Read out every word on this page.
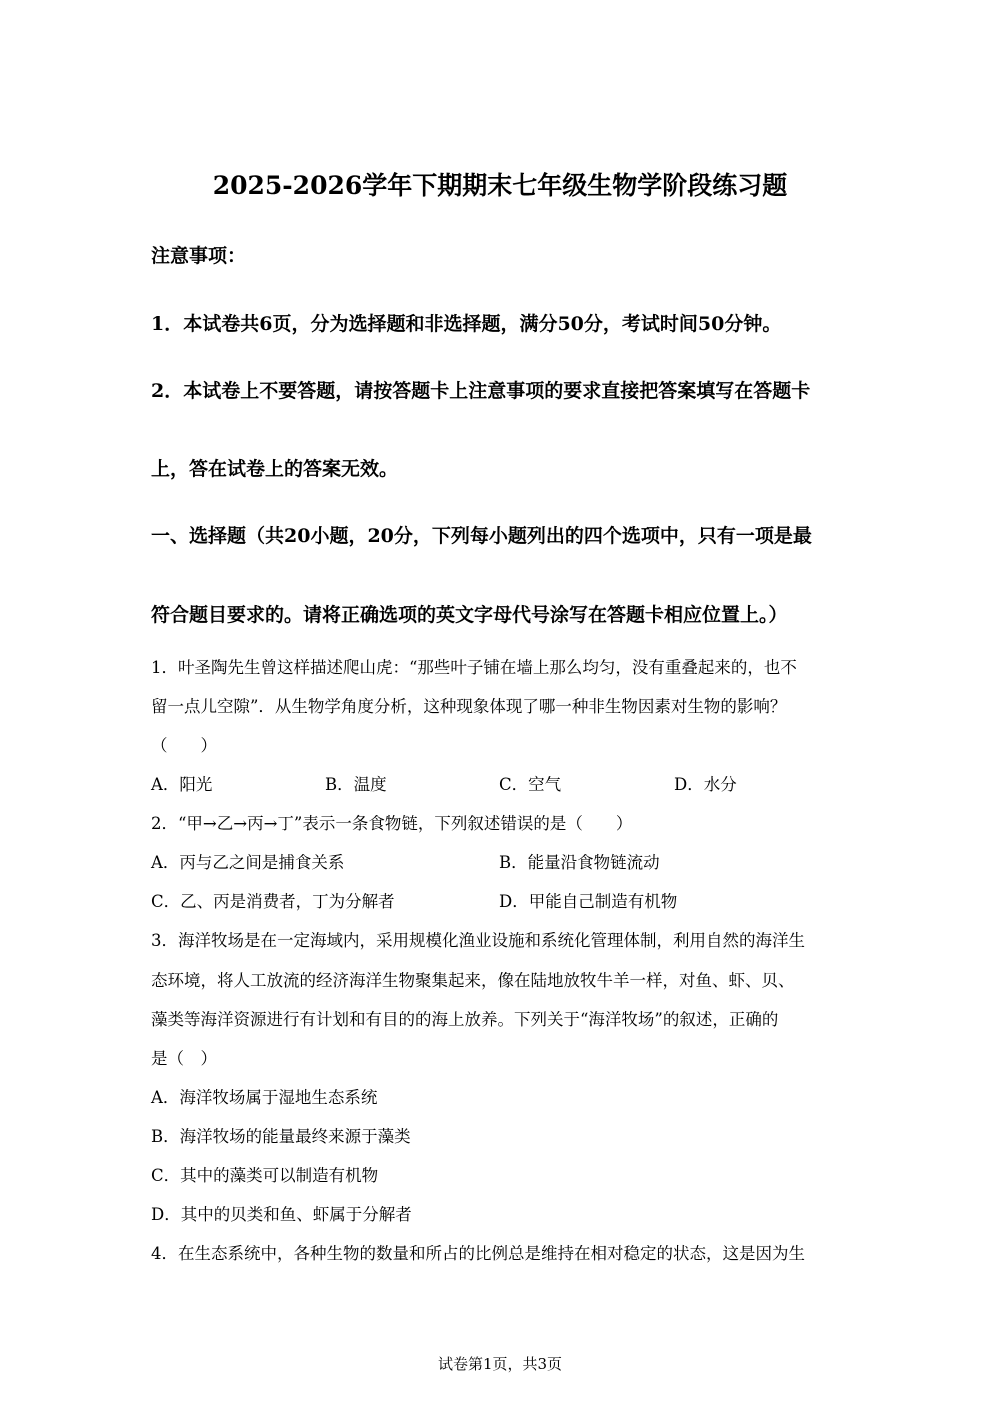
2025-2026学年下期期末七年级生物学阶段练习题
注意事项：
1．本试卷共6页，分为选择题和非选择题，满分50分，考试时间50分钟。
2．本试卷上不要答题，请按答题卡上注意事项的要求直接把答案填写在答题卡
上，答在试卷上的答案无效。
一、选择题（共20小题，20分，下列每小题列出的四个选项中，只有一项是最
符合题目要求的。请将正确选项的英文字母代号涂写在答题卡相应位置上。）
1．叶圣陶先生曾这样描述爬山虎：“那些叶子铺在墙上那么均匀，没有重叠起来的，也不
留一点儿空隙”．从生物学角度分析，这种现象体现了哪一种非生物因素对生物的影响？
（　　）
A．阳光	B．温度	C．空气	D．水分
2．“甲→乙→丙→丁”表示一条食物链，下列叙述错误的是（　　）
A．丙与乙之间是捕食关系	B．能量沿食物链流动
C．乙、丙是消费者，丁为分解者	D．甲能自己制造有机物
3．海洋牧场是在一定海域内，采用规模化渔业设施和系统化管理体制，利用自然的海洋生
态环境，将人工放流的经济海洋生物聚集起来，像在陆地放牧牛羊一样，对鱼、虾、贝、
藻类等海洋资源进行有计划和有目的的海上放养。下列关于“海洋牧场”的叙述，正确的
是（　）
A．海洋牧场属于湿地生态系统
B．海洋牧场的能量最终来源于藻类
C．其中的藻类可以制造有机物
D．其中的贝类和鱼、虾属于分解者
4．在生态系统中，各种生物的数量和所占的比例总是维持在相对稳定的状态，这是因为生
试卷第1页，共3页
